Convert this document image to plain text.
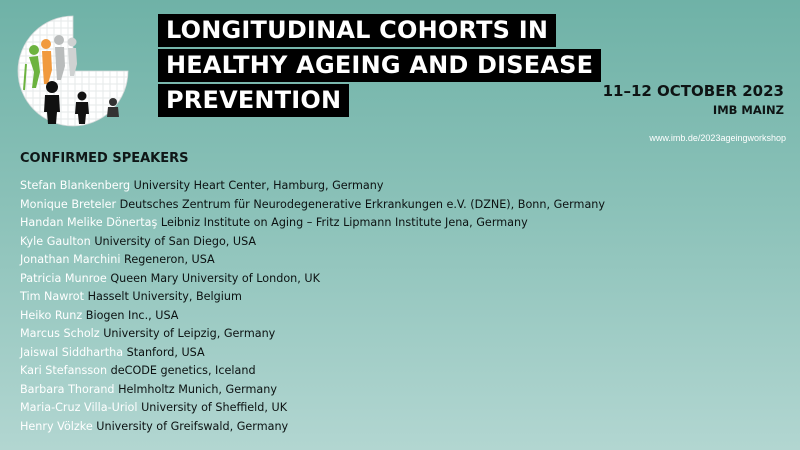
LONGITUDINAL COHORTS IN
HEALTHY AGEING AND DISEASE
PREVENTION	11–12 OCTOBER 2023
IMB MAINZ
www.imb.de/2023ageingworkshop
CONFIRMED SPEAKERS
Stefan Blankenberg University Heart Center, Hamburg, Germany
Monique Breteler Deutsches Zentrum für Neurodegenerative Erkrankungen e.V. (DZNE), Bonn, Germany
Handan Melike Dönertaş Leibniz Institute on Aging – Fritz Lipmann Institute Jena, Germany
Kyle Gaulton University of San Diego, USA
Jonathan Marchini Regeneron, USA
Patricia Munroe Queen Mary University of London, UK
Tim Nawrot Hasselt University, Belgium
Heiko Runz Biogen Inc., USA
Marcus Scholz University of Leipzig, Germany
Jaiswal Siddhartha Stanford, USA
Kari Stefansson deCODE genetics, Iceland
Barbara Thorand Helmholtz Munich, Germany
Maria-Cruz Villa-Uriol University of Sheffield, UK
Henry Völzke University of Greifswald, Germany
